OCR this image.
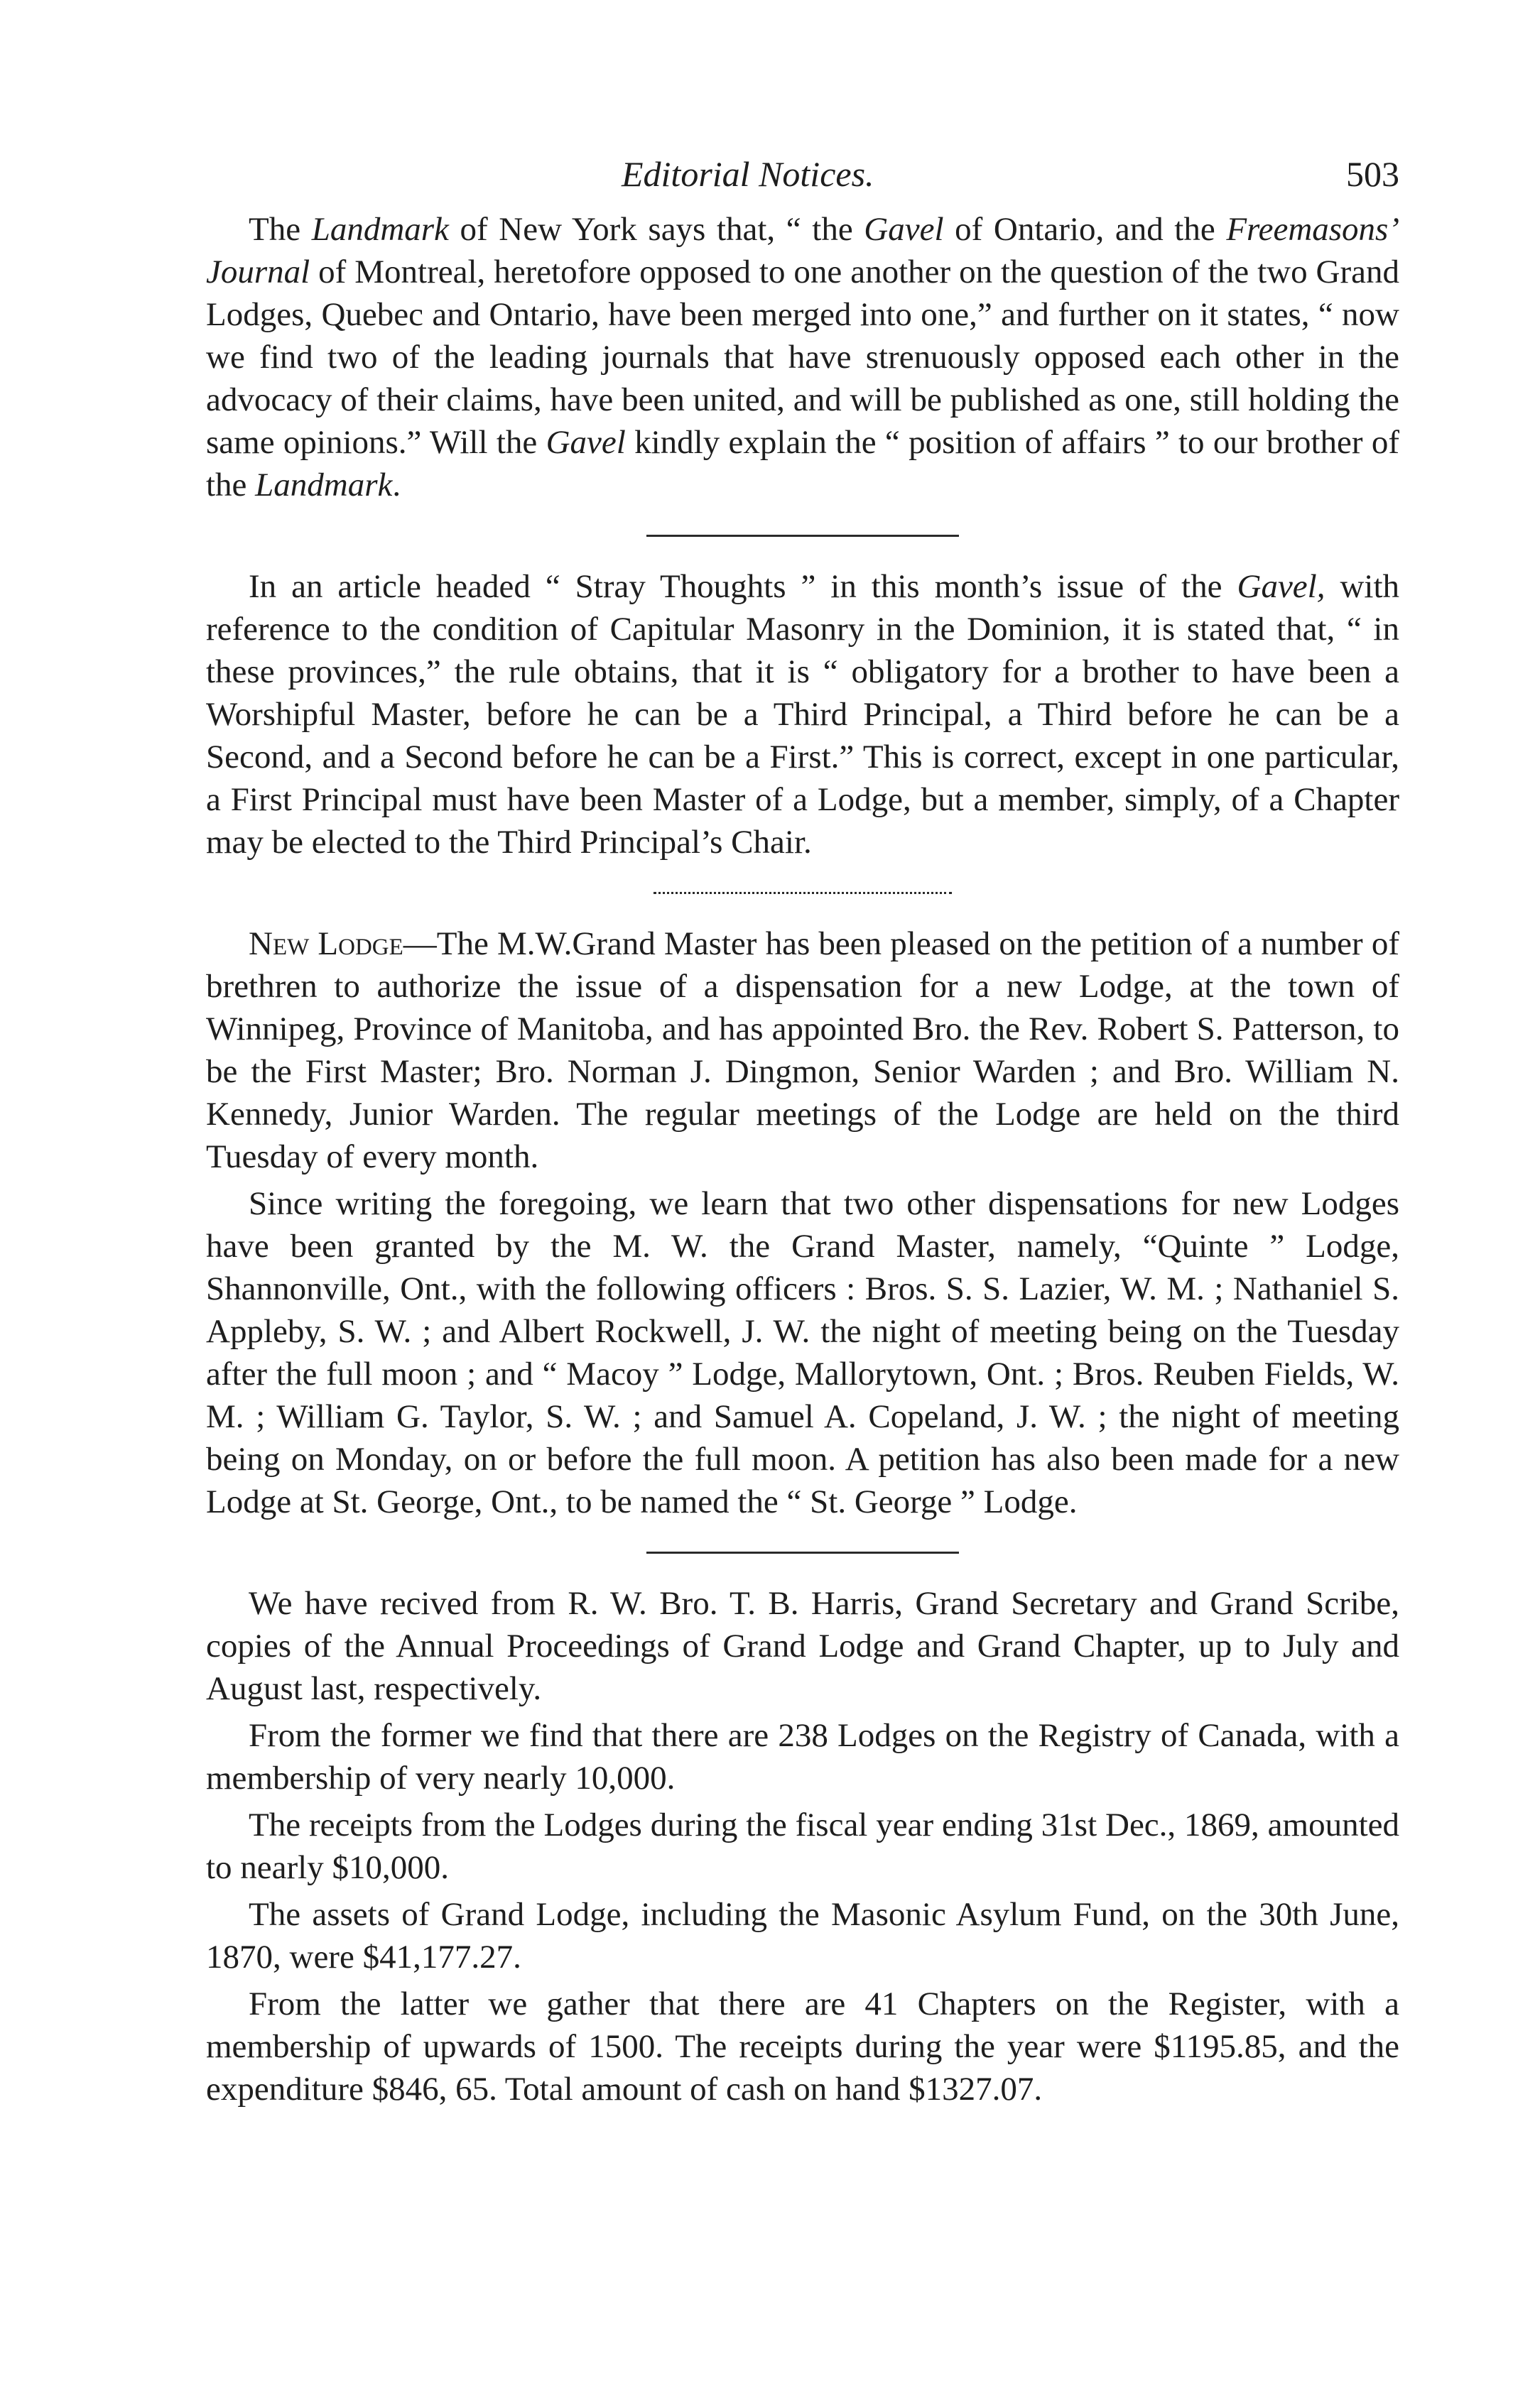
Editorial Notices.	503

The Landmark of New York says that, “ the Gavel of Ontario, and the Freemasons’ Journal of Montreal, heretofore opposed to one another on the question of the two Grand Lodges, Quebec and Ontario, have been merged into one,” and further on it states, “ now we find two of the leading journals that have strenuously opposed each other in the advocacy of their claims, have been united, and will be published as one, still holding the same opinions.” Will the Gavel kindly explain the “ position of affairs ” to our brother of the Landmark.

In an article headed “ Stray Thoughts ” in this month’s issue of the Gavel, with reference to the condition of Capitular Masonry in the Dominion, it is stated that, “ in these provinces,” the rule obtains, that it is “ obligatory for a brother to have been a Worshipful Master, before he can be a Third Principal, a Third before he can be a Second, and a Second before he can be a First.” This is correct, except in one particular, a First Principal must have been Master of a Lodge, but a member, simply, of a Chapter may be elected to the Third Principal’s Chair.

New Lodge—The M.W.Grand Master has been pleased on the petition of a number of brethren to authorize the issue of a dispensation for a new Lodge, at the town of Winnipeg, Province of Manitoba, and has appointed Bro. the Rev. Robert S. Patterson, to be the First Master; Bro. Norman J. Dingmon, Senior Warden ; and Bro. William N. Kennedy, Junior Warden. The regular meetings of the Lodge are held on the third Tuesday of every month.

Since writing the foregoing, we learn that two other dispensations for new Lodges have been granted by the M. W. the Grand Master, namely, “Quinte ” Lodge, Shannonville, Ont., with the following officers : Bros. S. S. Lazier, W. M. ; Nathaniel S. Appleby, S. W. ; and Albert Rockwell, J. W. the night of meeting being on the Tuesday after the full moon ; and “ Macoy ” Lodge, Mallorytown, Ont. ; Bros. Reuben Fields, W. M. ; William G. Taylor, S. W. ; and Samuel A. Copeland, J. W. ; the night of meeting being on Monday, on or before the full moon. A petition has also been made for a new Lodge at St. George, Ont., to be named the “ St. George ” Lodge.

We have recived from R. W. Bro. T. B. Harris, Grand Secretary and Grand Scribe, copies of the Annual Proceedings of Grand Lodge and Grand Chapter, up to July and August last, respectively.

From the former we find that there are 238 Lodges on the Registry of Canada, with a membership of very nearly 10,000.

The receipts from the Lodges during the fiscal year ending 31st Dec., 1869, amounted to nearly $10,000.

The assets of Grand Lodge, including the Masonic Asylum Fund, on the 30th June, 1870, were $41,177.27.

From the latter we gather that there are 41 Chapters on the Register, with a membership of upwards of 1500. The receipts during the year were $1195.85, and the expenditure $846, 65. Total amount of cash on hand $1327.07.
